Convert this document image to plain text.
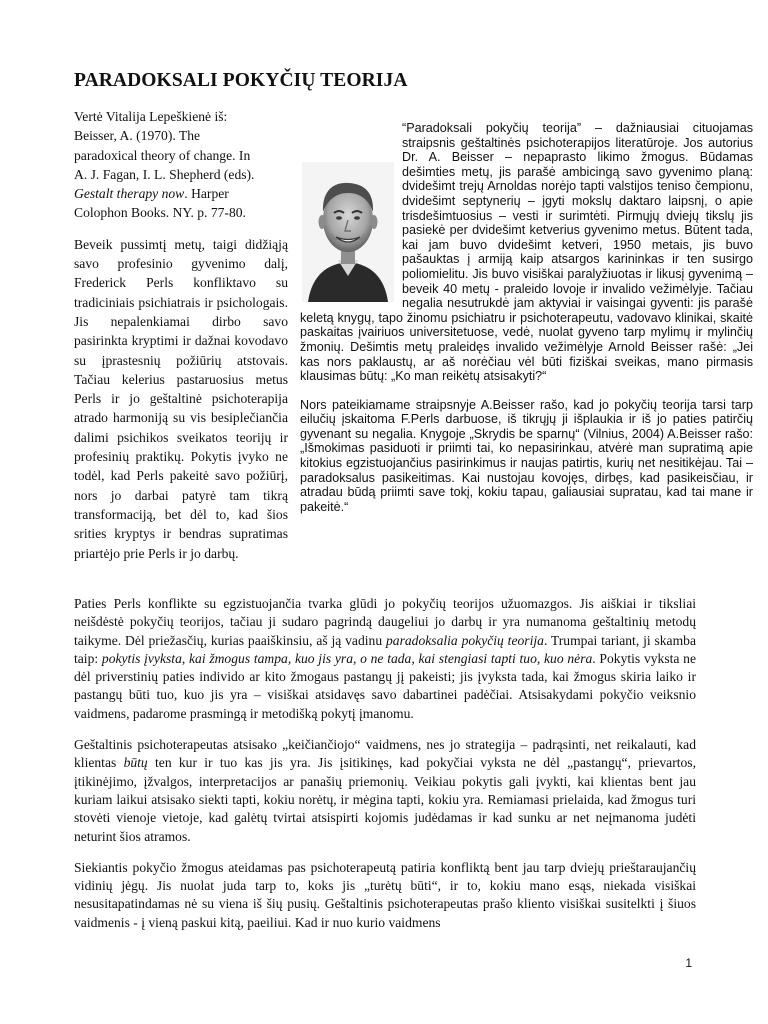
PARADOKSALI POKYČIŲ TEORIJA
Vertė Vitalija Lepeškienė iš:
Beisser, A. (1970). The
paradoxical theory of change. In
A. J. Fagan, I. L. Shepherd (eds).
Gestalt therapy now. Harper
Colophon Books. NY. p. 77-80.

Beveik pussimtį metų, taigi didžiąją savo profesinio gyvenimo dalį, Frederick Perls konfliktavo su tradiciniais psichiatrais ir psichologais. Jis nepalenkiamai dirbo savo pasirinkta kryptimi ir dažnai kovodavo su įprastesnių požiūrių atstovais. Tačiau kelerius pastaruosius metus Perls ir jo geštaltinė psichoterapija atrado harmoniją su vis besiplečiančia dalimi psichikos sveikatos teorijų ir profesinių praktikų. Pokytis įvyko ne todėl, kad Perls pakeitė savo požiūrį, nors jo darbai patyrė tam tikrą transformaciją, bet dėl to, kad šios srities kryptys ir bendras supratimas priartėjo prie Perls ir jo darbų.

“Paradoksali pokyčių teorija” – dažniausiai cituojamas straipsnis geštaltinės psichoterapijos literatūroje. Jos autorius Dr. A. Beisser – nepaprasto likimo žmogus. Būdamas dešimties metų, jis parašė ambicingą savo gyvenimo planą: dvidešimt trejų Arnoldas norėjo tapti valstijos teniso čempionu, dvidešimt septynerių – įgyti mokslų daktaro laipsnį, o apie trisdešimtuosius – vesti ir surimtėti. Pirmųjų dviejų tikslų jis pasiekė per dvidešimt ketverius gyvenimo metus. Būtent tada, kai jam buvo dvidešimt ketveri, 1950 metais, jis buvo pašauktas į armiją kaip atsargos karininkas ir ten susirgo poliomielitu. Jis buvo visiškai paralyžiuotas ir likusį gyvenimą – beveik 40 metų - praleido lovoje ir invalido vežimėlyje. Tačiau negalia nesutrukdė jam aktyviai ir vaisingai gyventi: jis parašė keletą knygų, tapo žinomu psichiatru ir psichoterapeutu, vadovavo klinikai, skaitė paskaitas įvairiuos universitetuose, vedė, nuolat gyveno tarp mylimų ir mylinčių žmonių. Dešimtis metų praleidęs invalido vežimėlyje Arnold Beisser rašė: „Jei kas nors paklaustų, ar aš norėčiau vėl būti fiziškai sveikas, mano pirmasis klausimas būtų: „Ko man reikėtų atsisakyti?“

Nors pateikiamame straipsnyje A.Beisser rašo, kad jo pokyčių teorija tarsi tarp eilučių įskaitoma F.Perls darbuose, iš tikrųjų ji išplaukia ir iš jo paties patirčių gyvenant su negalia. Knygoje „Skrydis be sparnų“ (Vilnius, 2004) A.Beisser rašo: „Išmokimas pasiduoti ir priimti tai, ko nepasirinkau, atvėrė man supratimą apie kitokius egzistuojančius pasirinkimus ir naujas patirtis, kurių net nesitikėjau. Tai – paradoksalus pasikeitimas. Kai nustojau kovojęs, dirbęs, kad pasikeisčiau, ir atradau būdą priimti save tokį, kokiu tapau, galiausiai supratau, kad tai mane ir pakeitė.“

Paties Perls konflikte su egzistuojančia tvarka glūdi jo pokyčių teorijos užuomazgos. Jis aiškiai ir tiksliai neišdėstė pokyčių teorijos, tačiau ji sudaro pagrindą daugeliui jo darbų ir yra numanoma geštaltinių metodų taikyme. Dėl priežasčių, kurias paaiškinsiu, aš ją vadinu paradoksalia pokyčių teorija. Trumpai tariant, ji skamba taip: pokytis įvyksta, kai žmogus tampa, kuo jis yra, o ne tada, kai stengiasi tapti tuo, kuo nėra. Pokytis vyksta ne dėl priverstinių paties individo ar kito žmogaus pastangų jį pakeisti; jis įvyksta tada, kai žmogus skiria laiko ir pastangų būti tuo, kuo jis yra – visiškai atsidavęs savo dabartinei padėčiai. Atsisakydami pokyčio veiksnio vaidmens, padarome prasmingą ir metodišką pokytį įmanomu.

Geštaltinis psichoterapeutas atsisako „keičiančiojo“ vaidmens, nes jo strategija – padrąsinti, net reikalauti, kad klientas būtų ten kur ir tuo kas jis yra. Jis įsitikinęs, kad pokyčiai vyksta ne dėl „pastangų“, prievartos, įtikinėjimo, įžvalgos, interpretacijos ar panašių priemonių. Veikiau pokytis gali įvykti, kai klientas bent jau kuriam laikui atsisako siekti tapti, kokiu norėtų, ir mėgina tapti, kokiu yra. Remiamasi prielaida, kad žmogus turi stovėti vienoje vietoje, kad galėtų tvirtai atsispirti kojomis judėdamas ir kad sunku ar net neįmanoma judėti neturint šios atramos.

Siekiantis pokyčio žmogus ateidamas pas psichoterapeutą patiria konfliktą bent jau tarp dviejų prieštaraujančių vidinių jėgų. Jis nuolat juda tarp to, koks jis „turėtų būti“, ir to, kokiu mano esąs, niekada visiškai nesusitapatindamas nė su viena iš šių pusių. Geštaltinis psichoterapeutas prašo kliento visiškai susitelkti į šiuos vaidmenis - į vieną paskui kitą, paeiliui. Kad ir nuo kurio vaidmens

1
